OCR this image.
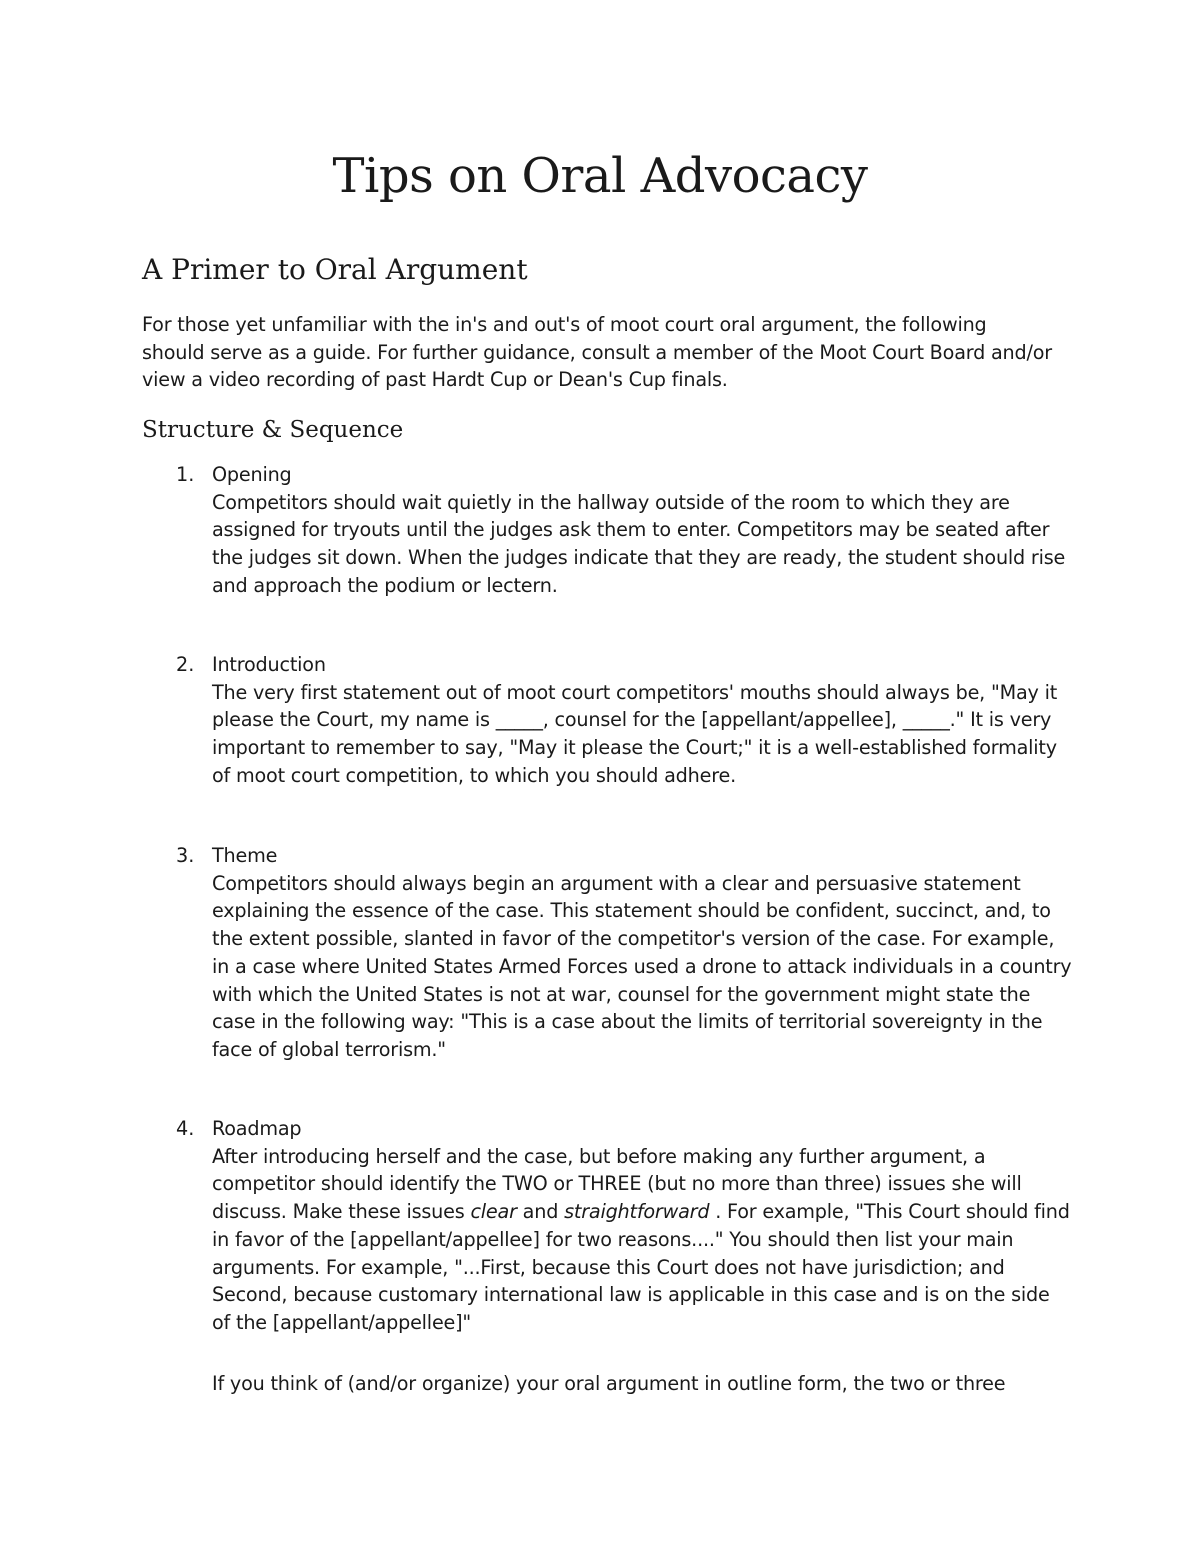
Tips on Oral Advocacy
A Primer to Oral Argument

For those yet unfamiliar with the in's and out's of moot court oral argument, the following should serve as a guide. For further guidance, consult a member of the Moot Court Board and/or view a video recording of past Hardt Cup or Dean's Cup finals.

Structure & Sequence
1. Opening
Competitors should wait quietly in the hallway outside of the room to which they are assigned for tryouts until the judges ask them to enter. Competitors may be seated after the judges sit down. When the judges indicate that they are ready, the student should rise and approach the podium or lectern.
2. Introduction
The very first statement out of moot court competitors' mouths should always be, "May it please the Court, my name is _____, counsel for the [appellant/appellee], _____." It is very important to remember to say, "May it please the Court;" it is a well-established formality of moot court competition, to which you should adhere.
3. Theme
Competitors should always begin an argument with a clear and persuasive statement explaining the essence of the case. This statement should be confident, succinct, and, to the extent possible, slanted in favor of the competitor's version of the case. For example, in a case where United States Armed Forces used a drone to attack individuals in a country with which the United States is not at war, counsel for the government might state the case in the following way: "This is a case about the limits of territorial sovereignty in the face of global terrorism."
4. Roadmap
After introducing herself and the case, but before making any further argument, a competitor should identify the TWO or THREE (but no more than three) issues she will discuss. Make these issues clear and straightforward . For example, "This Court should find in favor of the [appellant/appellee] for two reasons...." You should then list your main arguments. For example, "...First, because this Court does not have jurisdiction; and Second, because customary international law is applicable in this case and is on the side of the [appellant/appellee]"

If you think of (and/or organize) your oral argument in outline form, the two or three
